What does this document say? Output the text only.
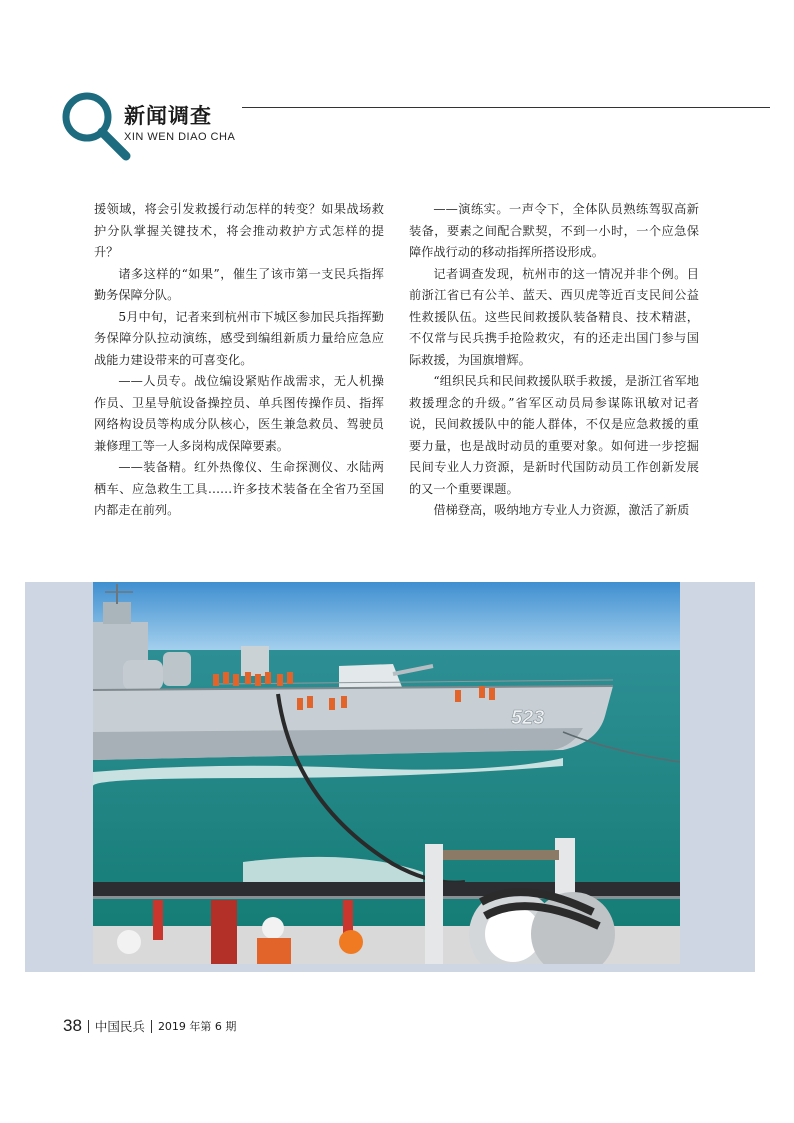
新闻调查
XIN WEN DIAO CHA

援领域，将会引发救援行动怎样的转变？如果战场救护分队掌握关键技术，将会推动救护方式怎样的提升？

诸多这样的“如果”，催生了该市第一支民兵指挥勤务保障分队。

5月中旬，记者来到杭州市下城区参加民兵指挥勤务保障分队拉动演练，感受到编组新质力量给应急应战能力建设带来的可喜变化。

——人员专。战位编设紧贴作战需求，无人机操作员、卫星导航设备操控员、单兵图传操作员、指挥网络构设员等构成分队核心，医生兼急救员、驾驶员兼修理工等一人多岗构成保障要素。

——装备精。红外热像仪、生命探测仪、水陆两栖车、应急救生工具……许多技术装备在全省乃至国内都走在前列。

——演练实。一声令下，全体队员熟练驾驭高新装备，要素之间配合默契，不到一小时，一个应急保障作战行动的移动指挥所搭设形成。

记者调查发现，杭州市的这一情况并非个例。目前浙江省已有公羊、蓝天、西贝虎等近百支民间公益性救援队伍。这些民间救援队装备精良、技术精湛，不仅常与民兵携手抢险救灾，有的还走出国门参与国际救援，为国旗增辉。

“组织民兵和民间救援队联手救援，是浙江省军地救援理念的升级。”省军区动员局参谋陈讯敏对记者说，民间救援队中的能人群体，不仅是应急救援的重要力量，也是战时动员的重要对象。如何进一步挖掘民间专业人力资源，是新时代国防动员工作创新发展的又一个重要课题。

借梯登高，吸纳地方专业人力资源，激活了新质

523
38 中国民兵 2019 年第 6 期
